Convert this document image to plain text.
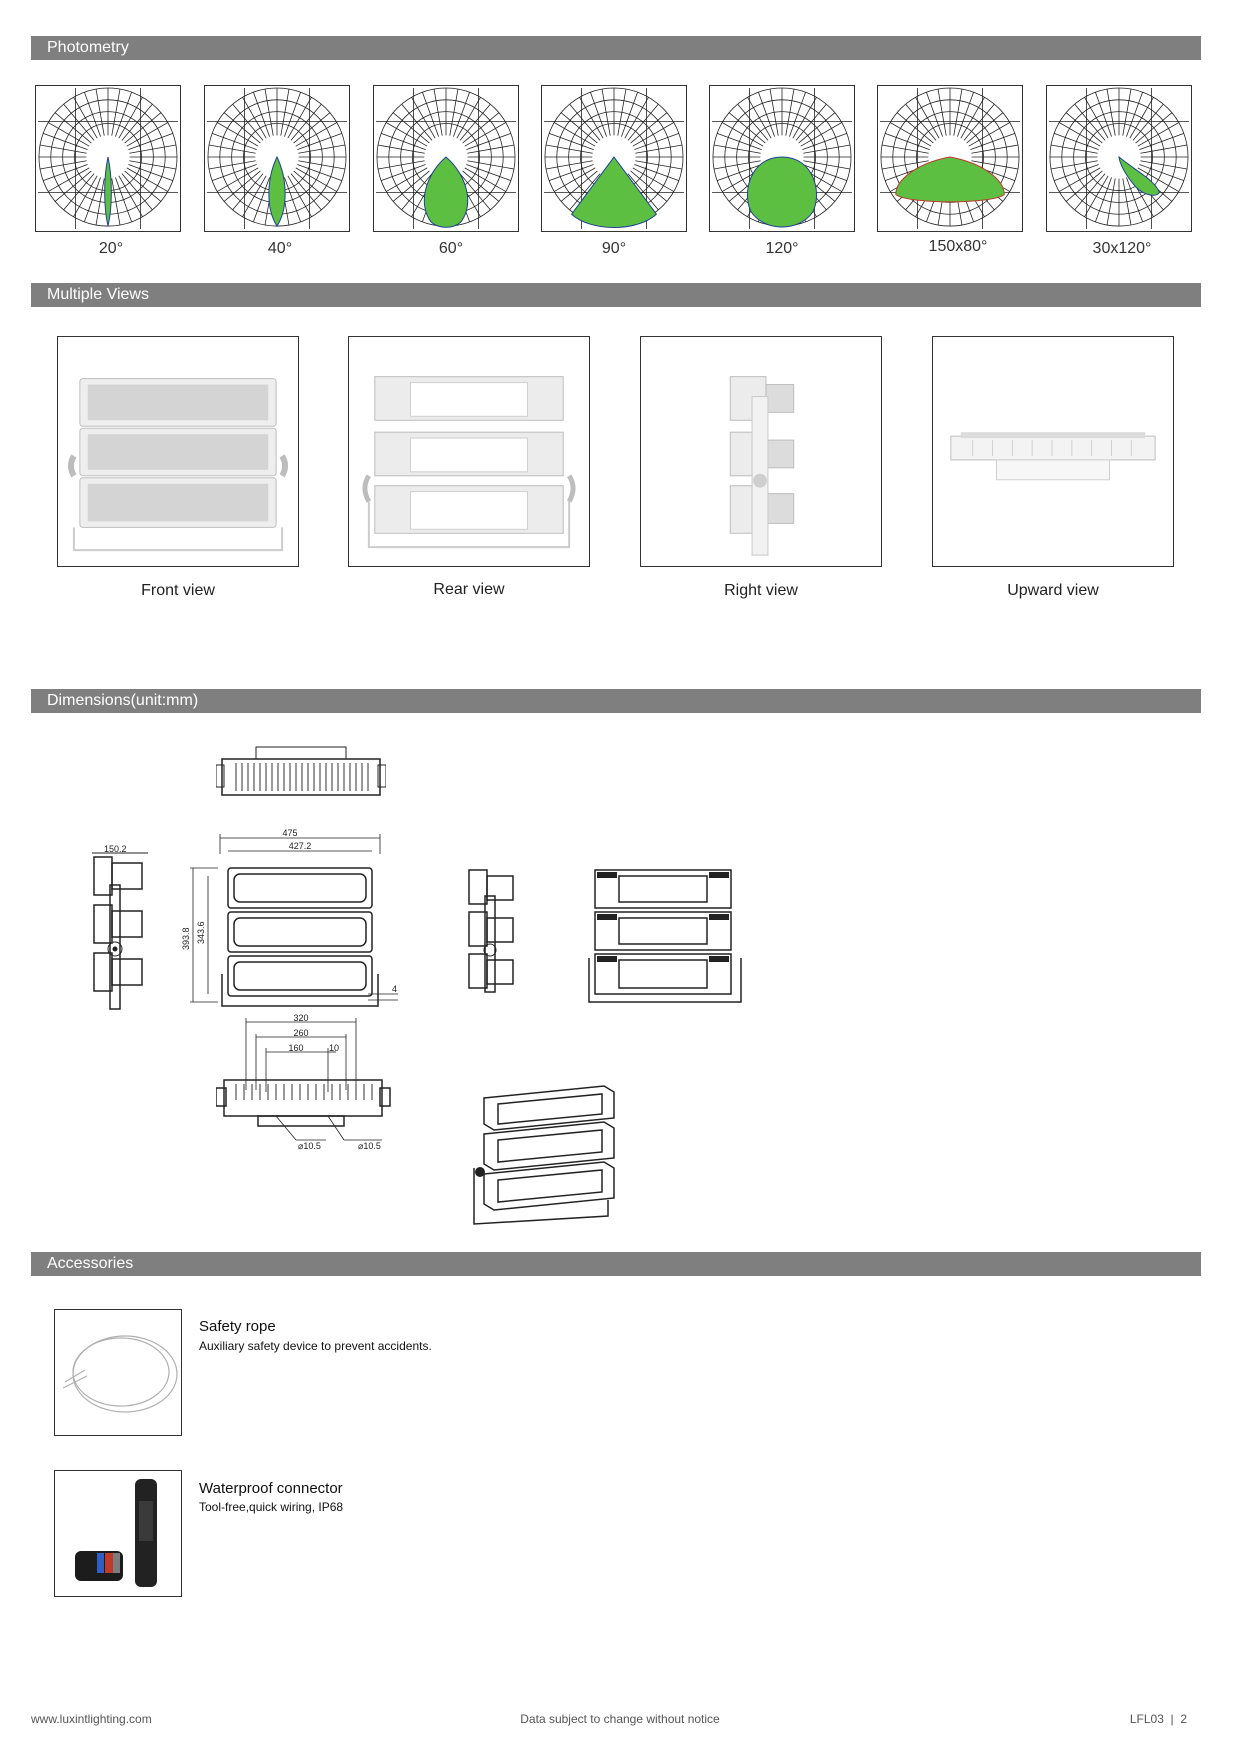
Photometry
20°	40°	60°	90°	120°	150x80°	30x120°
Multiple Views
Front view	Rear view	Right view	Upward view
Dimensions(unit:mm)
150.2
475
427.2
393.8 343.6
4
320
260
160	10
⌀10.5	⌀10.5
Accessories
Safety rope
Auxiliary safety device to prevent accidents.
Waterproof connector
Tool-free,quick wiring, IP68
www.luxintlighting.com	Data subject to change without notice	LFL03  |  2
